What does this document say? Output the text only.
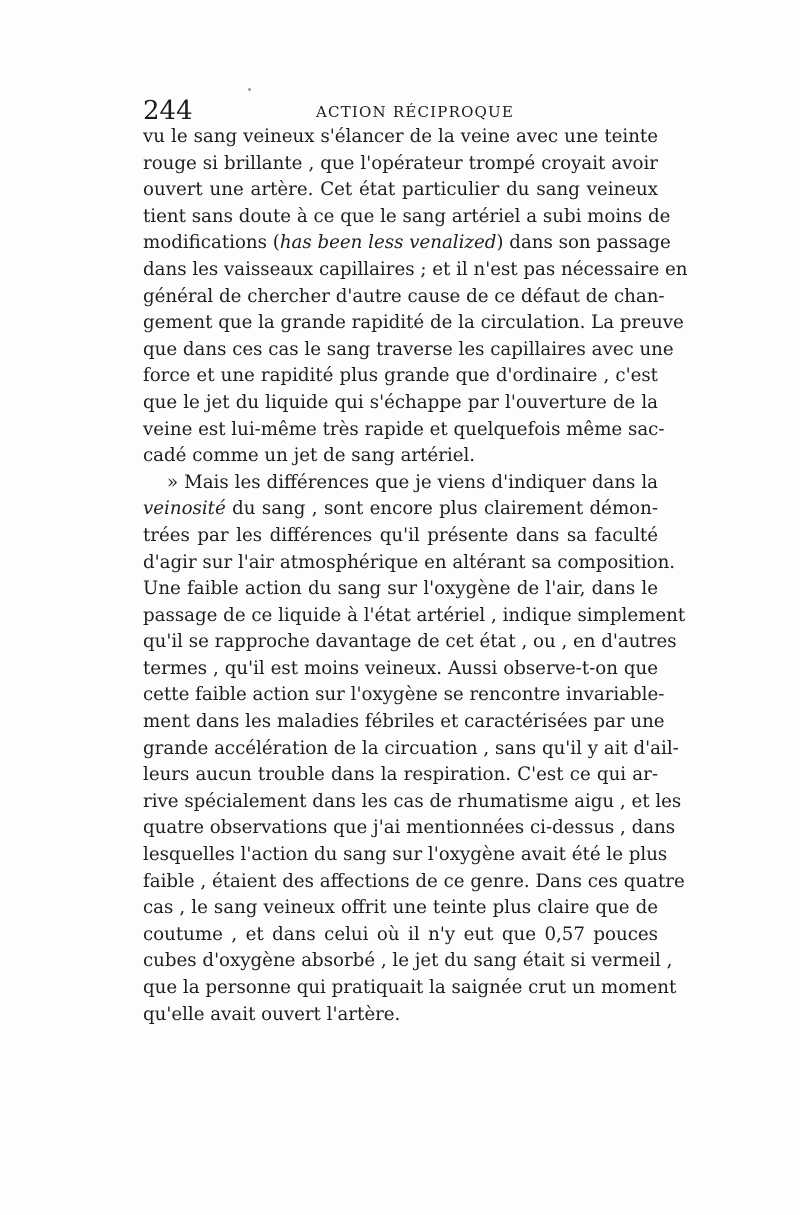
244	ACTION RÉCIPROQUE
vu le sang veineux s'élancer de la veine avec une teinte
rouge si brillante , que l'opérateur trompé croyait avoir
ouvert une artère. Cet état particulier du sang veineux
tient sans doute à ce que le sang artériel a subi moins de
modifications (has been less venalized) dans son passage
dans les vaisseaux capillaires ; et il n'est pas nécessaire en
général de chercher d'autre cause de ce défaut de chan-
gement que la grande rapidité de la circulation. La preuve
que dans ces cas le sang traverse les capillaires avec une
force et une rapidité plus grande que d'ordinaire , c'est
que le jet du liquide qui s'échappe par l'ouverture de la
veine est lui-même très rapide et quelquefois même sac-
cadé comme un jet de sang artériel.
» Mais les différences que je viens d'indiquer dans la
veinosité du sang , sont encore plus clairement démon-
trées par les différences qu'il présente dans sa faculté
d'agir sur l'air atmosphérique en altérant sa composition.
Une faible action du sang sur l'oxygène de l'air, dans le
passage de ce liquide à l'état artériel , indique simplement
qu'il se rapproche davantage de cet état , ou , en d'autres
termes , qu'il est moins veineux. Aussi observe-t-on que
cette faible action sur l'oxygène se rencontre invariable-
ment dans les maladies fébriles et caractérisées par une
grande accélération de la circuation , sans qu'il y ait d'ail-
leurs aucun trouble dans la respiration. C'est ce qui ar-
rive spécialement dans les cas de rhumatisme aigu , et les
quatre observations que j'ai mentionnées ci-dessus , dans
lesquelles l'action du sang sur l'oxygène avait été le plus
faible , étaient des affections de ce genre. Dans ces quatre
cas , le sang veineux offrit une teinte plus claire que de
coutume , et dans celui où il n'y eut que 0,57 pouces
cubes d'oxygène absorbé , le jet du sang était si vermeil ,
que la personne qui pratiquait la saignée crut un moment
qu'elle avait ouvert l'artère.
